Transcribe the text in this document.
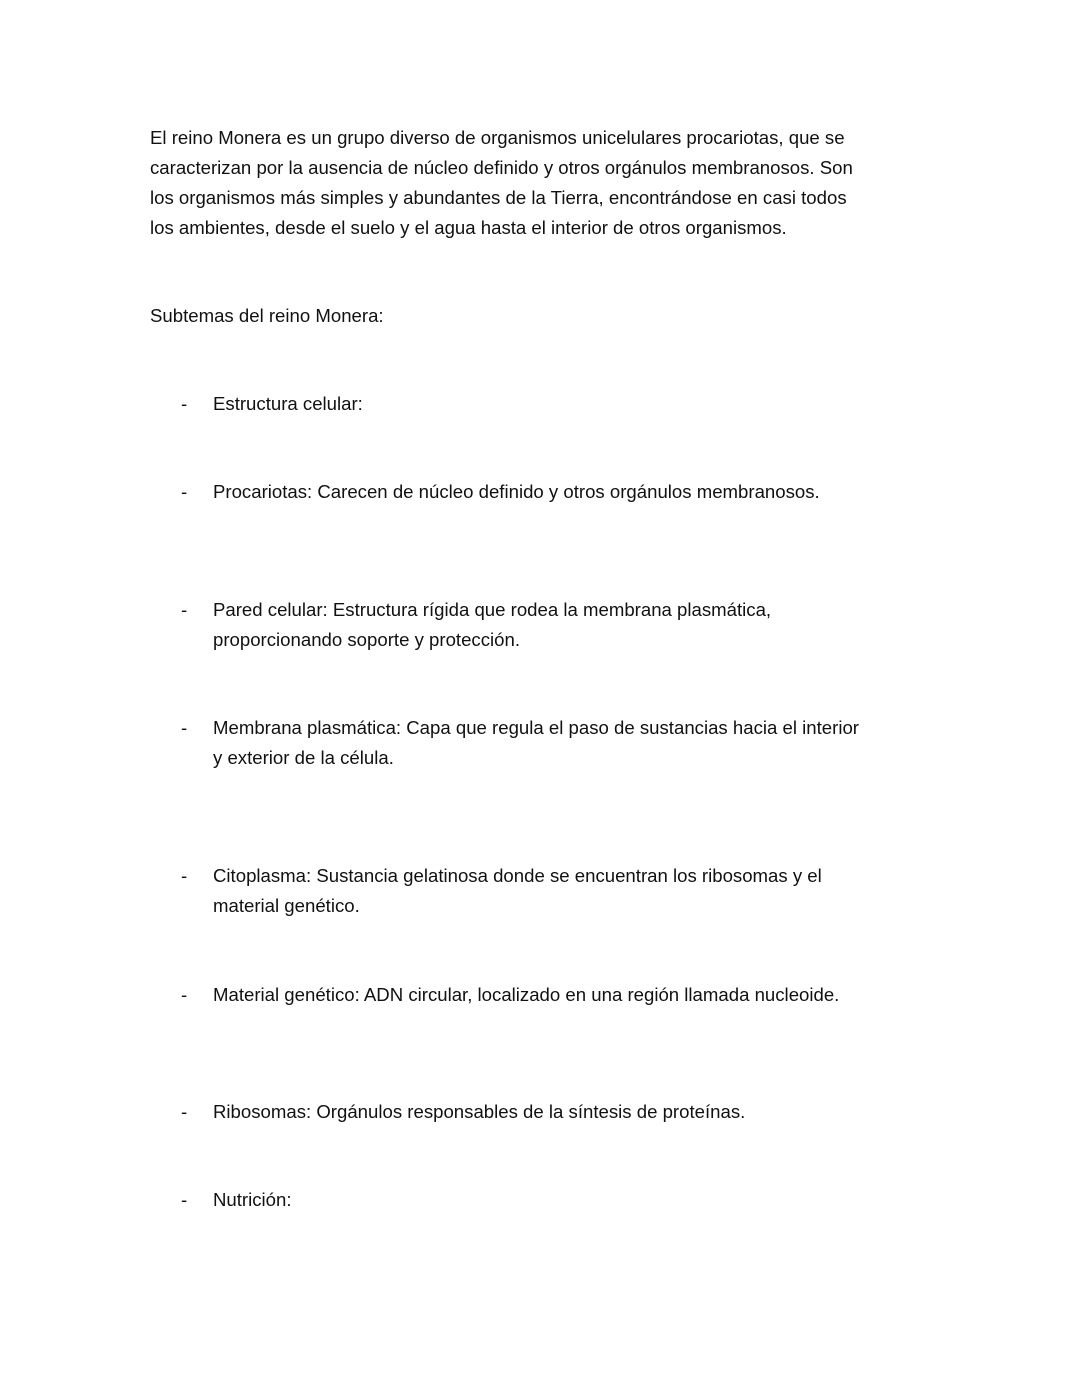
El reino Monera es un grupo diverso de organismos unicelulares procariotas, que se
caracterizan por la ausencia de núcleo definido y otros orgánulos membranosos. Son
los organismos más simples y abundantes de la Tierra, encontrándose en casi todos
los ambientes, desde el suelo y el agua hasta el interior de otros organismos.
Subtemas del reino Monera:
- Estructura celular:
- Procariotas: Carecen de núcleo definido y otros orgánulos membranosos.
- Pared celular: Estructura rígida que rodea la membrana plasmática,
proporcionando soporte y protección.
- Membrana plasmática: Capa que regula el paso de sustancias hacia el interior
y exterior de la célula.
- Citoplasma: Sustancia gelatinosa donde se encuentran los ribosomas y el
material genético.
- Material genético: ADN circular, localizado en una región llamada nucleoide.
- Ribosomas: Orgánulos responsables de la síntesis de proteínas.
- Nutrición:
